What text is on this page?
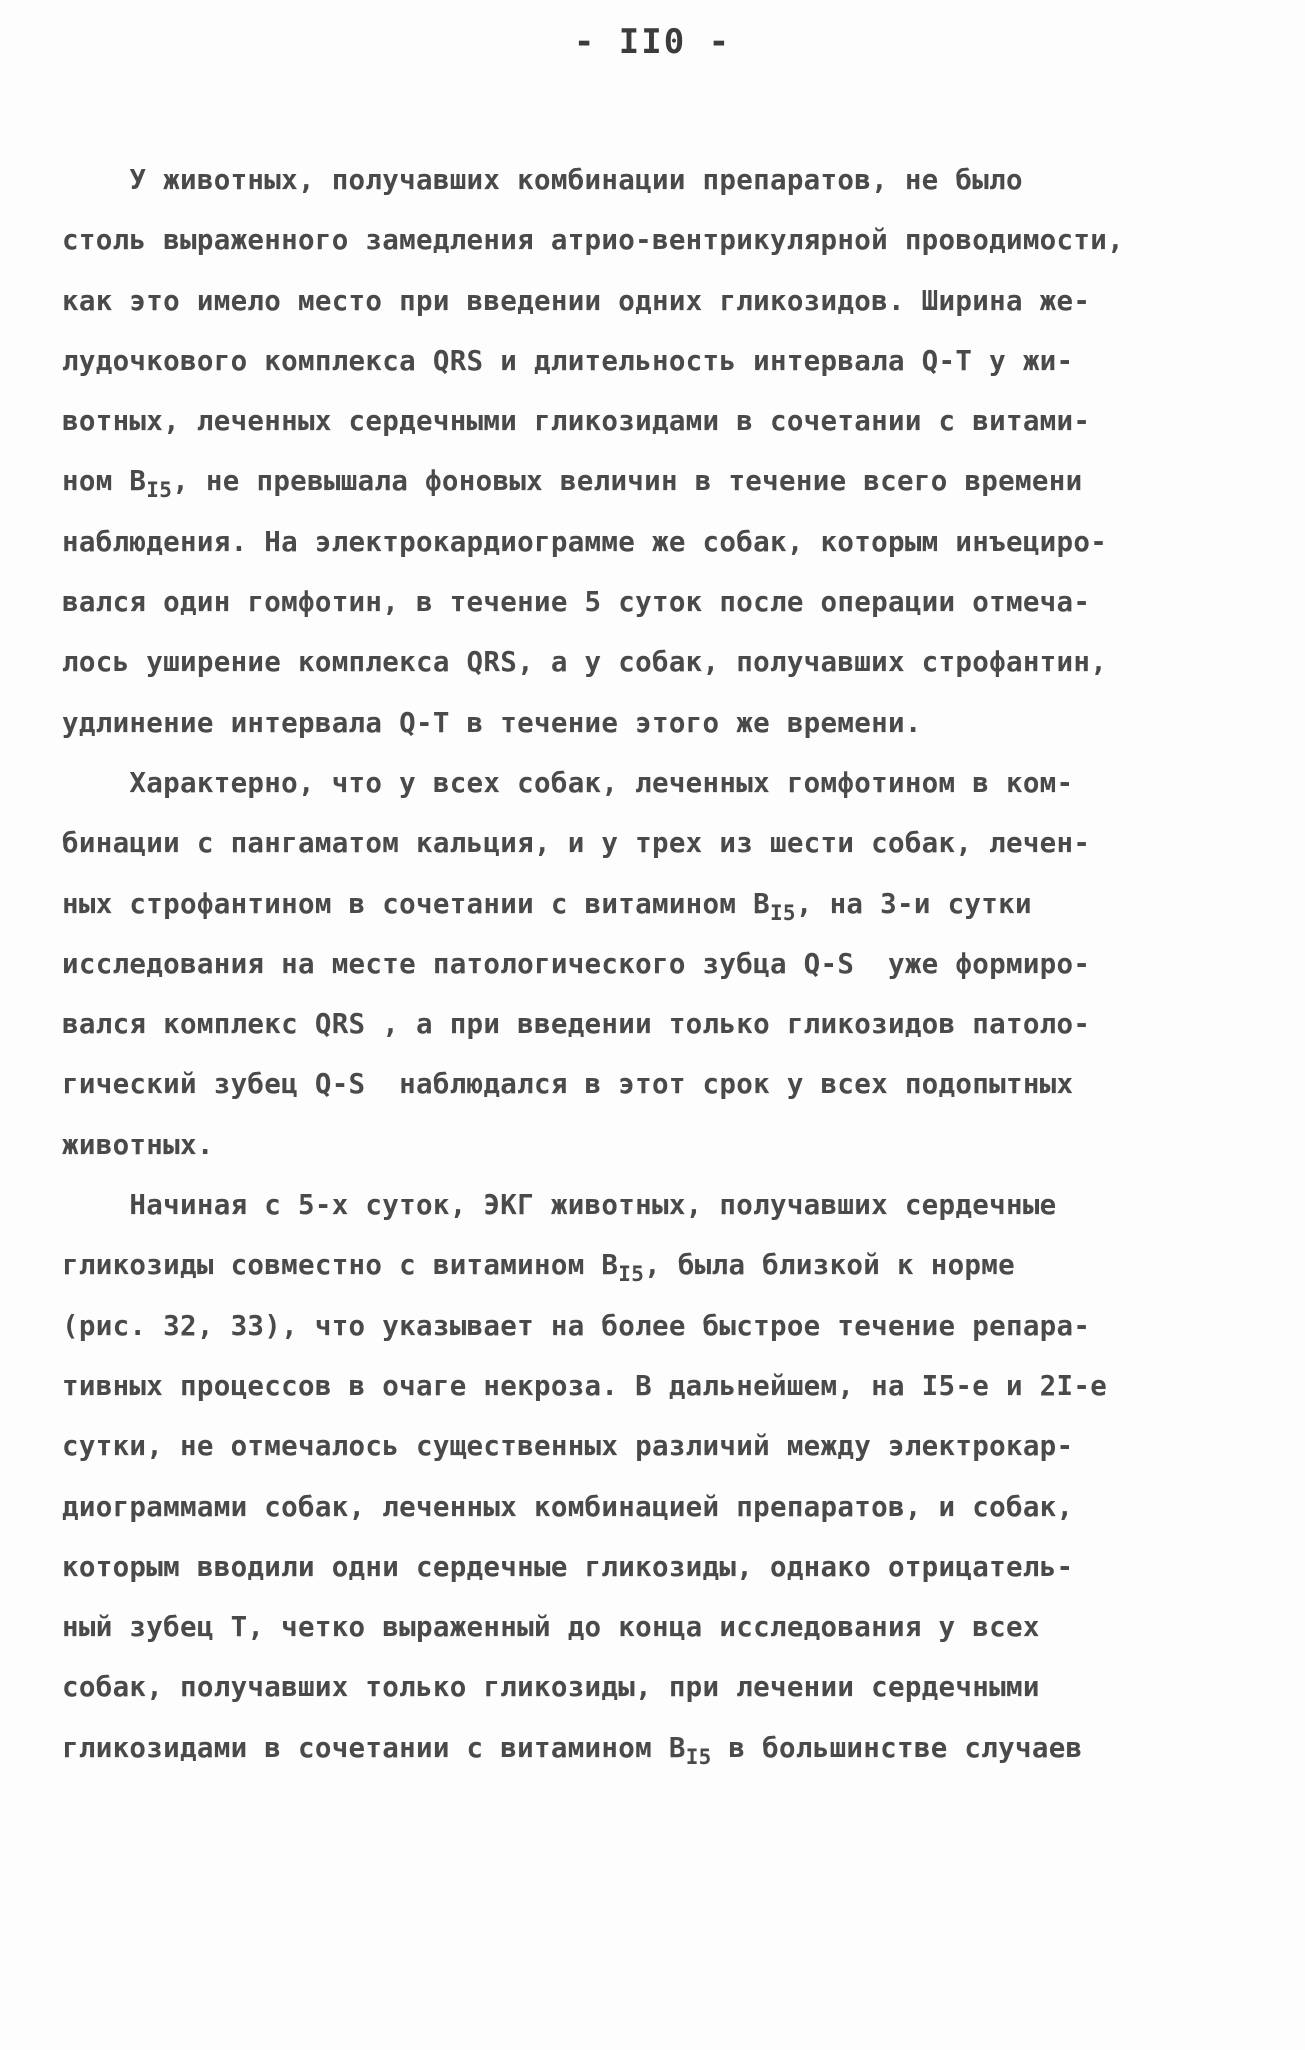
- II0 -
У животных, получавших комбинации препаратов, не было
столь выраженного замедления атрио-вентрикулярной проводимости,
как это имело место при введении одних гликозидов. Ширина же-
лудочкового комплекса QRЅ и длительность интервала Q-T у жи-
вотных, леченных сердечными гликозидами в сочетании с витами-
ном $B_{I5}$, не превышала фоновых величин в течение всего времени
наблюдения. На электрокардиограмме же собак, которым инъециро-
вался один гомфотин, в течение 5 суток после операции отмеча-
лось уширение комплекса QRЅ, а у собак, получавших строфантин,
удлинение интервала Q-T в течение этого же времени.
Характерно, что у всех собак, леченных гомфотином в ком-
бинации с пангаматом кальция, и у трех из шести собак, лечен-
ных строфантином в сочетании с витамином $B_{I5}$, на 3-и сутки
исследования на месте патологического зубца Q-Ѕ  уже формиро-
вался комплекс QRЅ , а при введении только гликозидов патоло-
гический зубец Q-Ѕ  наблюдался в этот срок у всех подопытных
животных.
Начиная с 5-х суток, ЭКГ животных, получавших сердечные
гликозиды совместно с витамином $B_{I5}$, была близкой к норме
(рис. 32, 33), что указывает на более быстрое течение репара-
тивных процессов в очаге некроза. В дальнейшем, на I5-е и 2I-е
сутки, не отмечалось существенных различий между электрокар-
диограммами собак, леченных комбинацией препаратов, и собак,
которым вводили одни сердечные гликозиды, однако отрицатель-
ный зубец T, четко выраженный до конца исследования у всех
собак, получавших только гликозиды, при лечении сердечными
гликозидами в сочетании с витамином $B_{I5}$ в большинстве случаев
